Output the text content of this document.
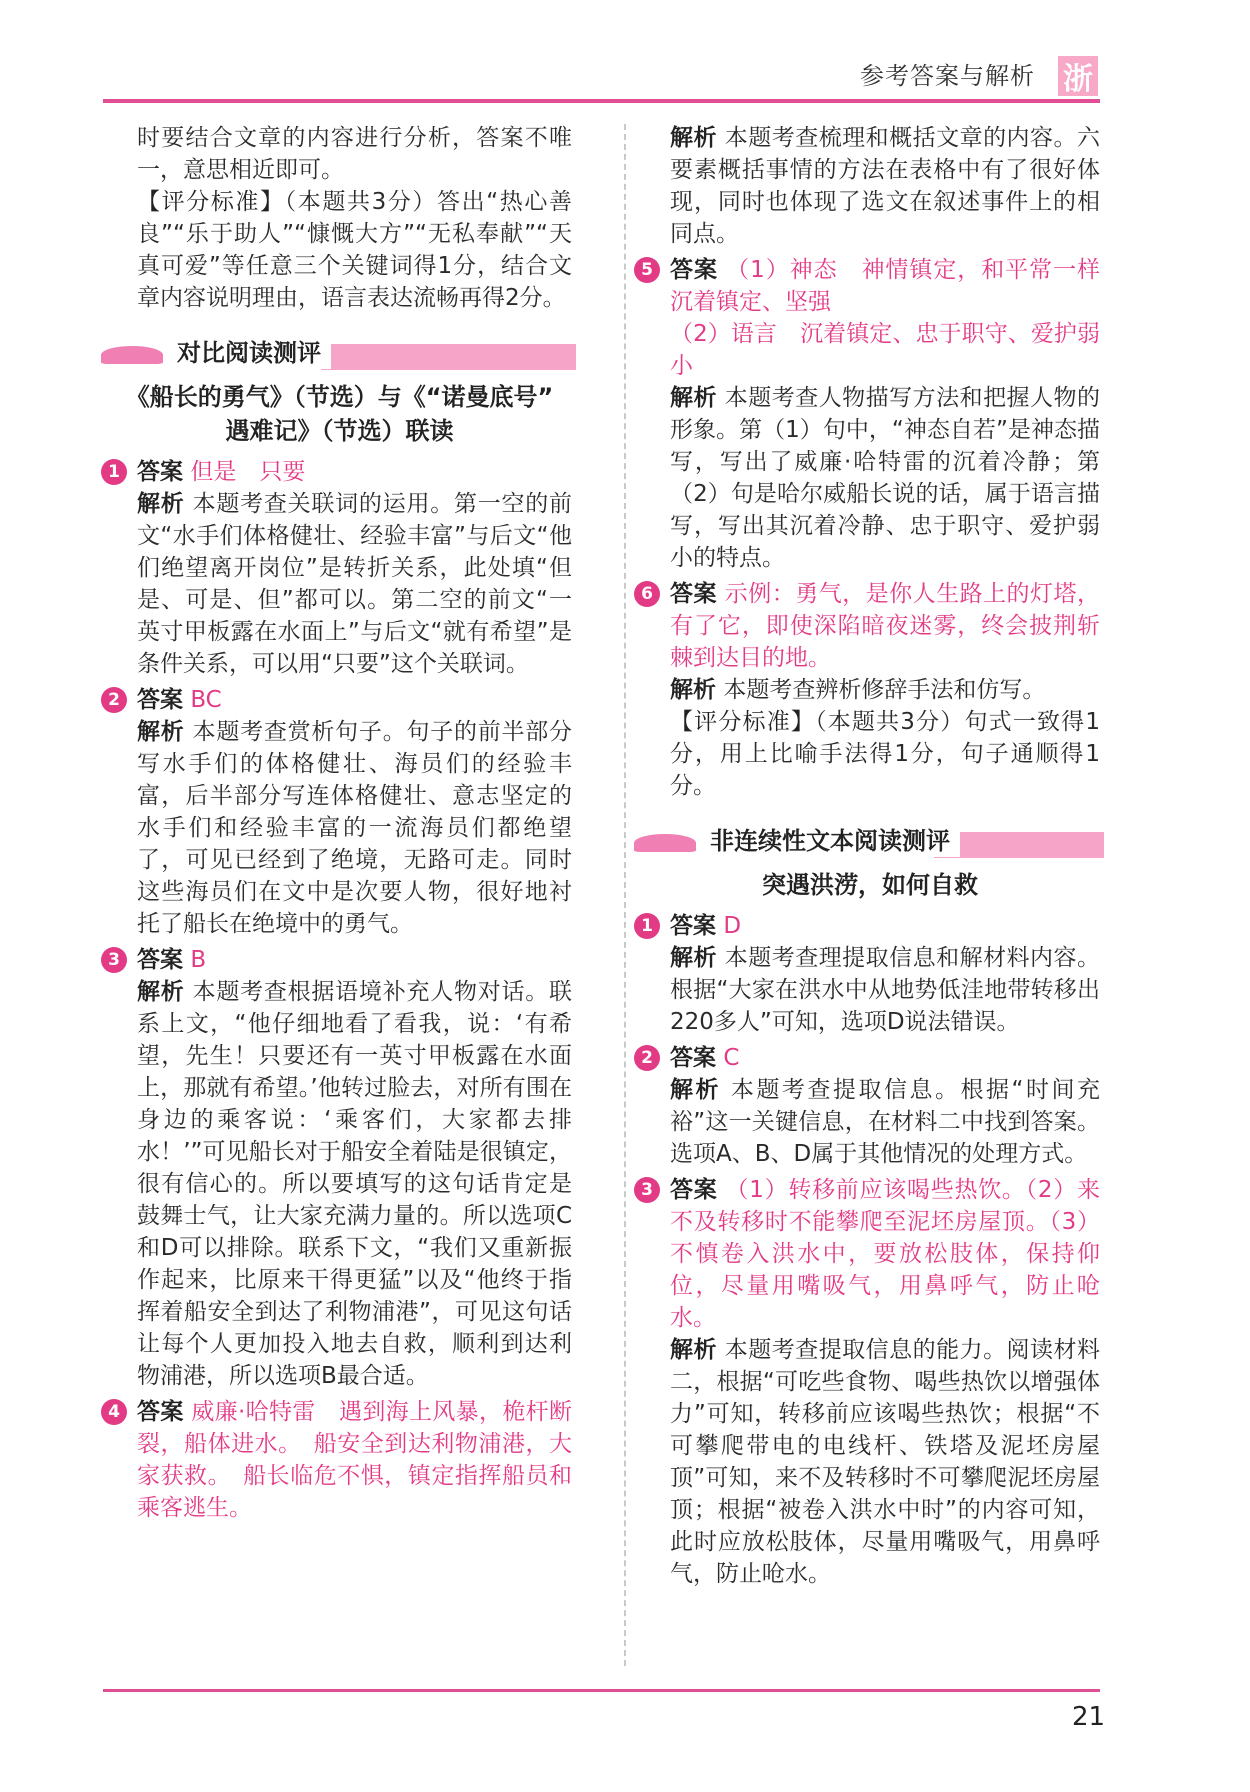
参考答案与解析 浙

时要结合文章的内容进行分析，答案不唯一，意思相近即可。

【评分标准】（本题共3分）答出“热心善良”“乐于助人”“慷慨大方”“无私奉献”“天真可爱”等任意三个关键词得1分，结合文章内容说明理由，语言表达流畅再得2分。

对比阅读测评
《船长的勇气》（节选）与《“诺曼底号”
遇难记》（节选）联读
1 答案 但是　只要

解析 本题考查关联词的运用。第一空的前文“水手们体格健壮、经验丰富”与后文“他们绝望离开岗位”是转折关系，此处填“但是、可是、但”都可以。第二空的前文“一英寸甲板露在水面上”与后文“就有希望”是条件关系，可以用“只要”这个关联词。

2 答案 BC

解析 本题考查赏析句子。句子的前半部分写水手们的体格健壮、海员们的经验丰富，后半部分写连体格健壮、意志坚定的水手们和经验丰富的一流海员们都绝望了，可见已经到了绝境，无路可走。同时这些海员们在文中是次要人物，很好地衬托了船长在绝境中的勇气。

3 答案 B

解析 本题考查根据语境补充人物对话。联系上文，“他仔细地看了看我，说：‘有希望，先生！只要还有一英寸甲板露在水面上，那就有希望。’他转过脸去，对所有围在身边的乘客说：‘乘客们，大家都去排水！’”可见船长对于船安全着陆是很镇定，很有信心的。所以要填写的这句话肯定是鼓舞士气，让大家充满力量的。所以选项C和D可以排除。联系下文，“我们又重新振作起来，比原来干得更猛”以及“他终于指挥着船安全到达了利物浦港”，可见这句话让每个人更加投入地去自救，顺利到达利物浦港，所以选项B最合适。

4 答案 威廉·哈特雷　遇到海上风暴，桅杆断裂，船体进水。　船安全到达利物浦港，大家获救。　船长临危不惧，镇定指挥船员和乘客逃生。

解析 本题考查梳理和概括文章的内容。六要素概括事情的方法在表格中有了很好体现，同时也体现了选文在叙述事件上的相同点。

5 答案 （1）神态　神情镇定，和平常一样　沉着镇定、坚强

（2）语言　沉着镇定、忠于职守、爱护弱小

解析 本题考查人物描写方法和把握人物的形象。第（1）句中，“神态自若”是神态描写，写出了威廉·哈特雷的沉着冷静；第（2）句是哈尔威船长说的话，属于语言描写，写出其沉着冷静、忠于职守、爱护弱小的特点。

6 答案 示例：勇气，是你人生路上的灯塔，有了它，即使深陷暗夜迷雾，终会披荆斩棘到达目的地。

解析 本题考查辨析修辞手法和仿写。

【评分标准】（本题共3分）句式一致得1分，用上比喻手法得1分，句子通顺得1分。

非连续性文本阅读测评
突遇洪涝，如何自救
1 答案 D

解析 本题考查理提取信息和解材料内容。根据“大家在洪水中从地势低洼地带转移出220多人”可知，选项D说法错误。

2 答案 C

解析 本题考查提取信息。根据“时间充裕”这一关键信息，在材料二中找到答案。选项A、B、D属于其他情况的处理方式。

3 答案 （1）转移前应该喝些热饮。（2）来不及转移时不能攀爬至泥坯房屋顶。（3）不慎卷入洪水中，要放松肢体，保持仰位，尽量用嘴吸气，用鼻呼气，防止呛水。

解析 本题考查提取信息的能力。阅读材料二，根据“可吃些食物、喝些热饮以增强体力”可知，转移前应该喝些热饮；根据“不可攀爬带电的电线杆、铁塔及泥坯房屋顶”可知，来不及转移时不可攀爬泥坯房屋顶；根据“被卷入洪水中时”的内容可知，此时应放松肢体，尽量用嘴吸气，用鼻呼气，防止呛水。

21
